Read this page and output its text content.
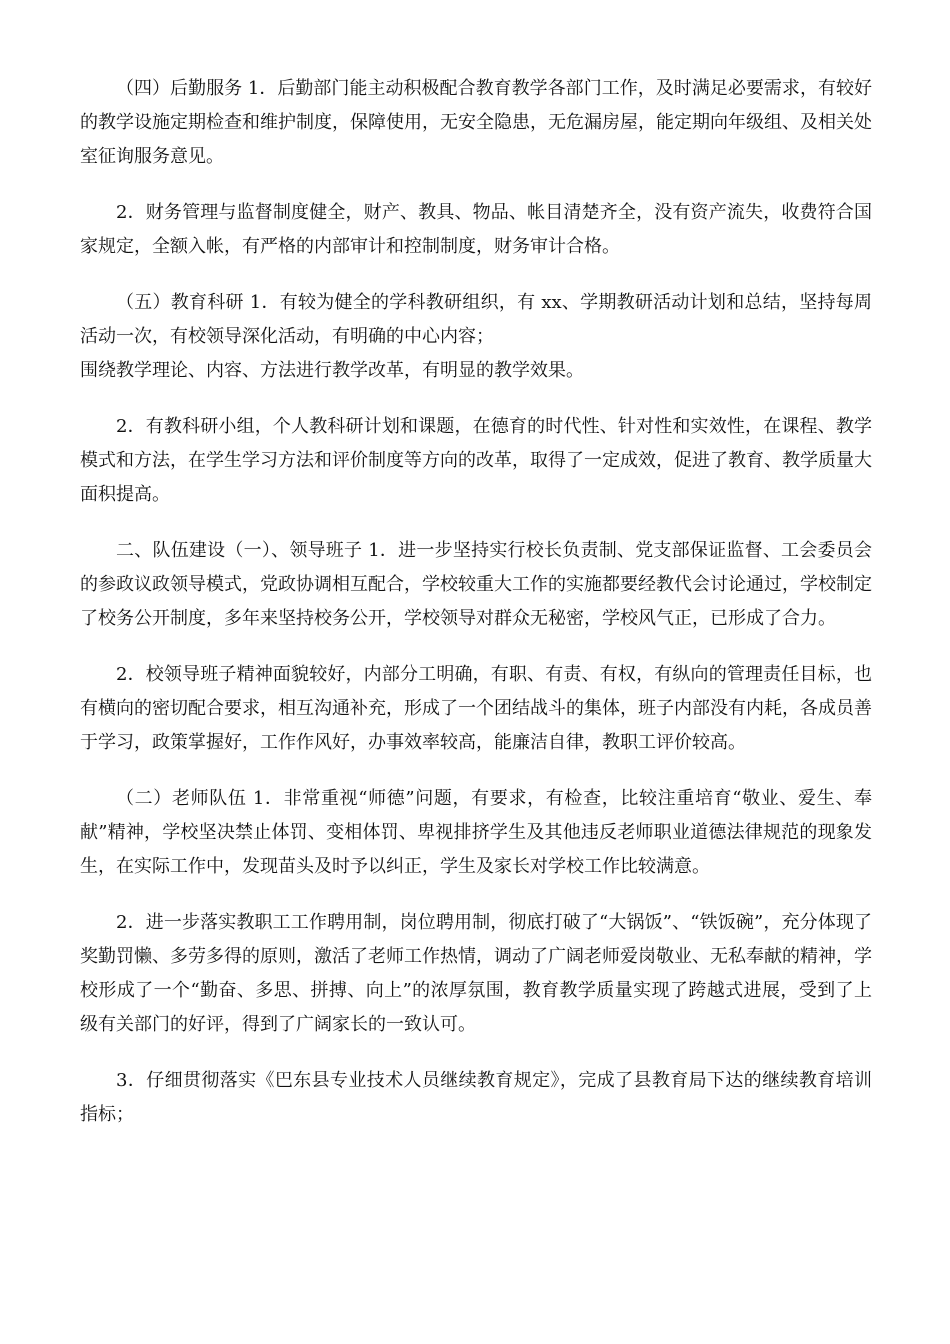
（四）后勤服务 1．后勤部门能主动积极配合教育教学各部门工作，及时满足必要需求，有较好的教学设施定期检查和维护制度，保障使用，无安全隐患，无危漏房屋，能定期向年级组、及相关处室征询服务意见。

2．财务管理与监督制度健全，财产、教具、物品、帐目清楚齐全，没有资产流失，收费符合国家规定，全额入帐，有严格的内部审计和控制制度，财务审计合格。

（五）教育科研 1．有较为健全的学科教研组织，有 xx、学期教研活动计划和总结，坚持每周活动一次，有校领导深化活动，有明确的中心内容；

围绕教学理论、内容、方法进行教学改革，有明显的教学效果。

2．有教科研小组，个人教科研计划和课题，在德育的时代性、针对性和实效性，在课程、教学模式和方法，在学生学习方法和评价制度等方向的改革，取得了一定成效，促进了教育、教学质量大面积提高。

二、队伍建设（一）、领导班子 1．进一步坚持实行校长负责制、党支部保证监督、工会委员会的参政议政领导模式，党政协调相互配合，学校较重大工作的实施都要经教代会讨论通过，学校制定了校务公开制度，多年来坚持校务公开，学校领导对群众无秘密，学校风气正，已形成了合力。

2．校领导班子精神面貌较好，内部分工明确，有职、有责、有权，有纵向的管理责任目标，也有横向的密切配合要求，相互沟通补充，形成了一个团结战斗的集体，班子内部没有内耗，各成员善于学习，政策掌握好，工作作风好，办事效率较高，能廉洁自律，教职工评价较高。

（二）老师队伍 1．非常重视“师德”问题，有要求，有检查，比较注重培育“敬业、爱生、奉献”精神，学校坚决禁止体罚、变相体罚、卑视排挤学生及其他违反老师职业道德法律规范的现象发生，在实际工作中，发现苗头及时予以纠正，学生及家长对学校工作比较满意。

2．进一步落实教职工工作聘用制，岗位聘用制，彻底打破了“大锅饭”、“铁饭碗”，充分体现了奖勤罚懒、多劳多得的原则，激活了老师工作热情，调动了广阔老师爱岗敬业、无私奉献的精神，学校形成了一个“勤奋、多思、拼搏、向上”的浓厚氛围，教育教学质量实现了跨越式进展，受到了上级有关部门的好评，得到了广阔家长的一致认可。

3．仔细贯彻落实《巴东县专业技术人员继续教育规定》，完成了县教育局下达的继续教育培训指标；
